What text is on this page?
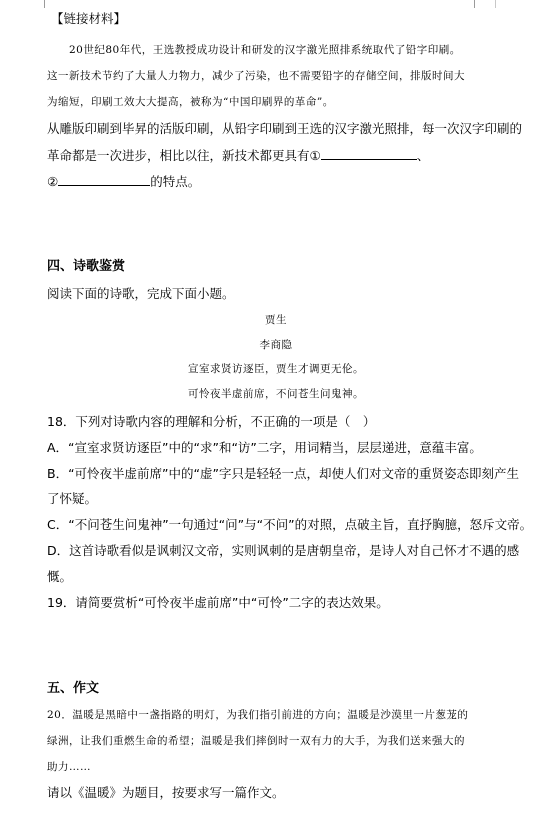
【链接材料】
20世纪80年代，王选教授成功设计和研发的汉字激光照排系统取代了铅字印刷。
这一新技术节约了大量人力物力，减少了污染，也不需要铅字的存储空间，排版时间大
为缩短，印刷工效大大提高，被称为“中国印刷界的革命”。
从雕版印刷到毕昇的活版印刷，从铅字印刷到王选的汉字激光照排，每一次汉字印刷的
革命都是一次进步，相比以往，新技术都更具有①	、
②	的特点。
四、诗歌鉴赏
阅读下面的诗歌，完成下面小题。
贾生
李商隐
宣室求贤访逐臣，贾生才调更无伦。
可怜夜半虚前席，不问苍生问鬼神。
18．下列对诗歌内容的理解和分析，不正确的一项是（　）
A．“宣室求贤访逐臣”中的“求”和“访”二字，用词精当，层层递进，意蕴丰富。
B．“可怜夜半虚前席”中的“虚”字只是轻轻一点，却使人们对文帝的重贤姿态即刻产生
了怀疑。
C．“不问苍生问鬼神”一句通过“问”与“不问”的对照，点破主旨，直抒胸臆，怒斥文帝。
D．这首诗歌看似是讽刺汉文帝，实则讽刺的是唐朝皇帝，是诗人对自己怀才不遇的感
慨。
19．请简要赏析“可怜夜半虚前席”中“可怜”二字的表达效果。
五、作文
20．温暖是黑暗中一盏指路的明灯，为我们指引前进的方向；温暖是沙漠里一片葱茏的
绿洲，让我们重燃生命的希望；温暖是我们摔倒时一双有力的大手，为我们送来强大的
助力……
请以《温暖》为题目，按要求写一篇作文。
